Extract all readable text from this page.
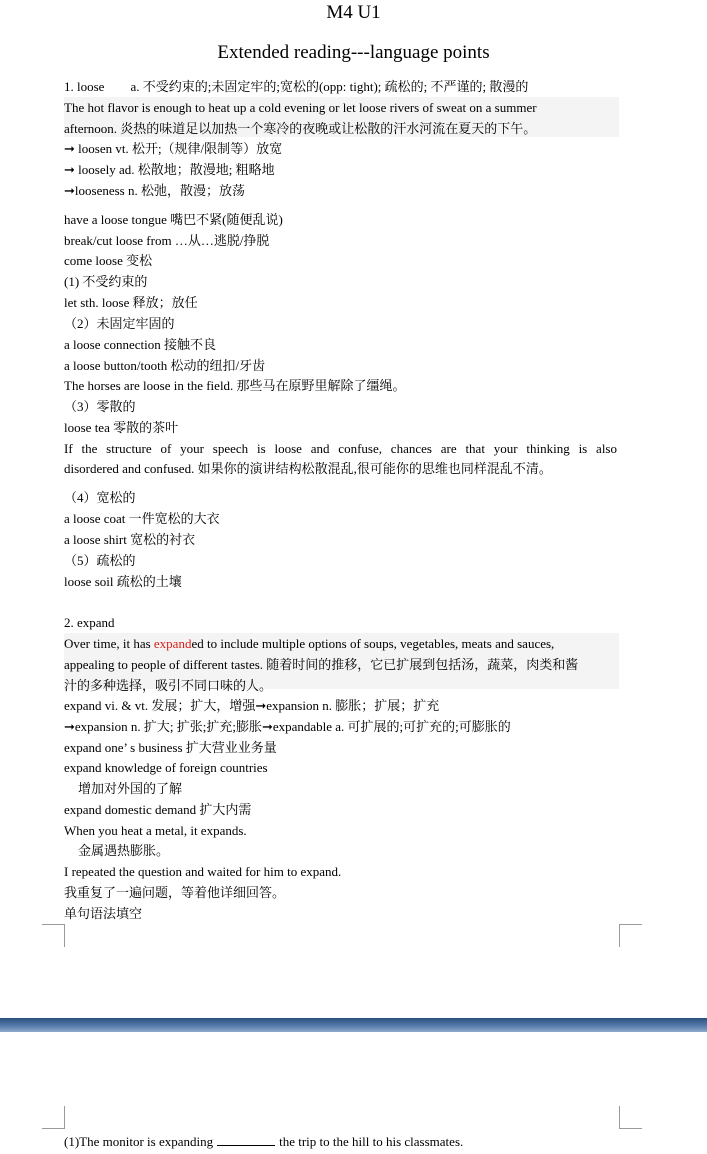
M4 U1
Extended reading---language points
1. loose a. 不受约束的;未固定牢的;宽松的(opp: tight); 疏松的; 不严谨的; 散漫的
The hot flavor is enough to heat up a cold evening or let loose rivers of sweat on a summer
afternoon. 炎热的味道足以加热一个寒冷的夜晚或让松散的汗水河流在夏天的下午。
➞ loosen vt. 松开;（规律/限制等）放宽
➞ loosely ad. 松散地；散漫地; 粗略地
➞looseness n. 松弛，散漫；放荡
have a loose tongue 嘴巴不紧(随便乱说)
break/cut loose from …从…逃脱/挣脱
come loose 变松
(1) 不受约束的
let sth. loose 释放；放任
（2）未固定牢固的
a loose connection 接触不良
a loose button/tooth 松动的纽扣/牙齿
The horses are loose in the field. 那些马在原野里解除了缰绳。
（3）零散的
loose tea 零散的茶叶
If the structure of your speech is loose and confuse, chances are that your thinking is also
disordered and confused. 如果你的演讲结构松散混乱,很可能你的思维也同样混乱不清。
（4）宽松的
a loose coat 一件宽松的大衣
a loose shirt 宽松的衬衣
（5）疏松的
loose soil 疏松的土壤
2. expand
Over time, it has expanded to include multiple options of soups, vegetables, meats and sauces,
appealing to people of different tastes. 随着时间的推移，它已扩展到包括汤，蔬菜，肉类和酱
汁的多种选择，吸引不同口味的人。
expand vi. & vt. 发展；扩大，增强➞expansion n. 膨胀；扩展；扩充
➞expansion n. 扩大; 扩张;扩充;膨胀➞expandable a. 可扩展的;可扩充的;可膨胀的
expand one’ s business 扩大营业业务量
expand knowledge of foreign countries
增加对外国的了解
expand domestic demand 扩大内需
When you heat a metal, it expands.
金属遇热膨胀。
I repeated the question and waited for him to expand.
我重复了一遍问题，等着他详细回答。
单句语法填空
(1)The monitor is expanding	the trip to the hill to his classmates.
